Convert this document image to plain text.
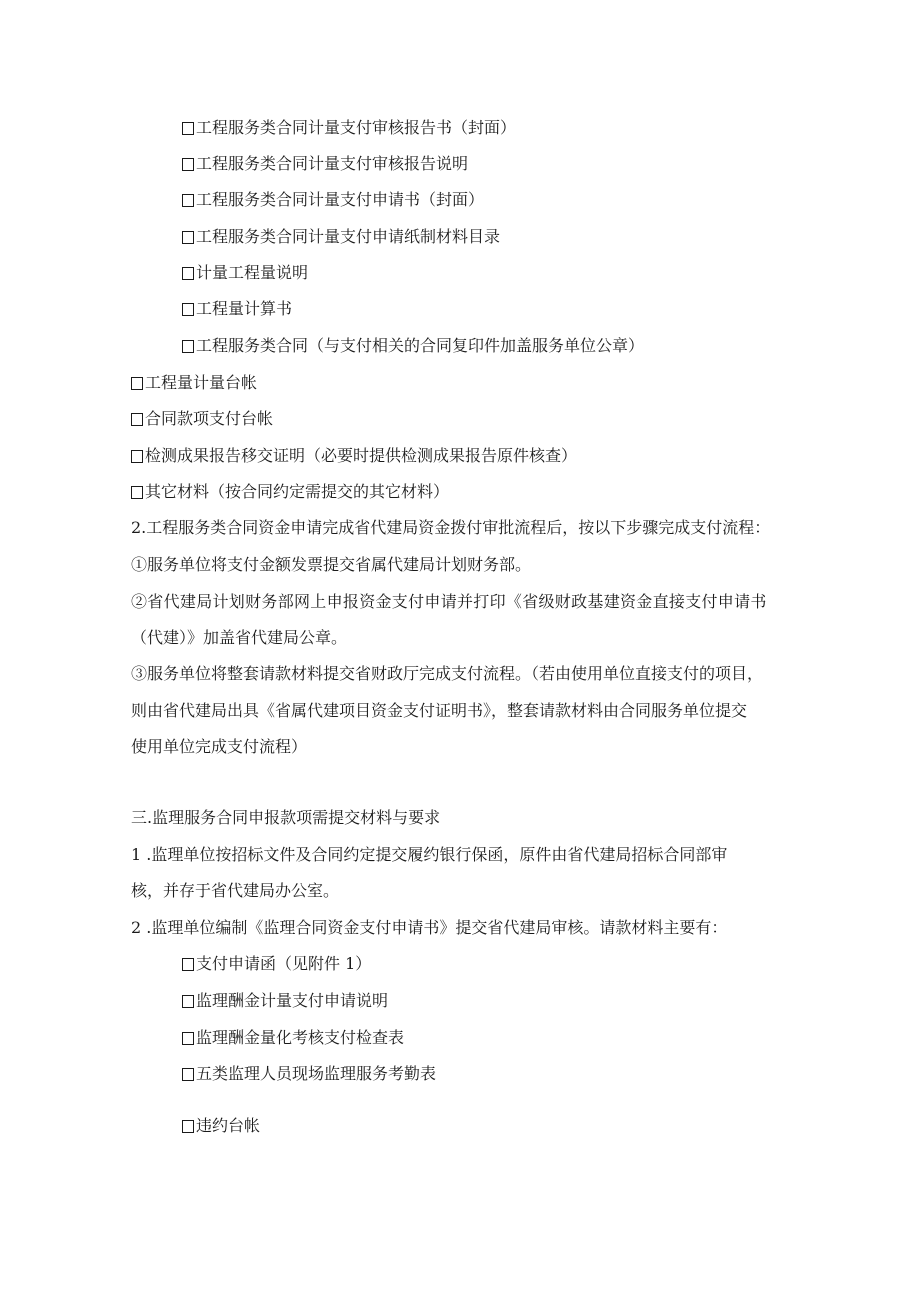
工程服务类合同计量支付审核报告书（封面）
工程服务类合同计量支付审核报告说明
工程服务类合同计量支付申请书（封面）
工程服务类合同计量支付申请纸制材料目录
计量工程量说明
工程量计算书
工程服务类合同（与支付相关的合同复印件加盖服务单位公章）
工程量计量台帐
合同款项支付台帐
检测成果报告移交证明（必要时提供检测成果报告原件核查）
其它材料（按合同约定需提交的其它材料）
2.工程服务类合同资金申请完成省代建局资金拨付审批流程后，按以下步骤完成支付流程：
①服务单位将支付金额发票提交省属代建局计划财务部。
②省代建局计划财务部网上申报资金支付申请并打印《省级财政基建资金直接支付申请书
（代建）》加盖省代建局公章。
③服务单位将整套请款材料提交省财政厅完成支付流程。（若由使用单位直接支付的项目，
则由省代建局出具《省属代建项目资金支付证明书》，整套请款材料由合同服务单位提交
使用单位完成支付流程）
三.监理服务合同申报款项需提交材料与要求
1 .监理单位按招标文件及合同约定提交履约银行保函，原件由省代建局招标合同部审
核，并存于省代建局办公室。
2 .监理单位编制《监理合同资金支付申请书》提交省代建局审核。请款材料主要有：
支付申请函（见附件 1）
监理酬金计量支付申请说明
监理酬金量化考核支付检查表
五类监理人员现场监理服务考勤表
违约台帐
